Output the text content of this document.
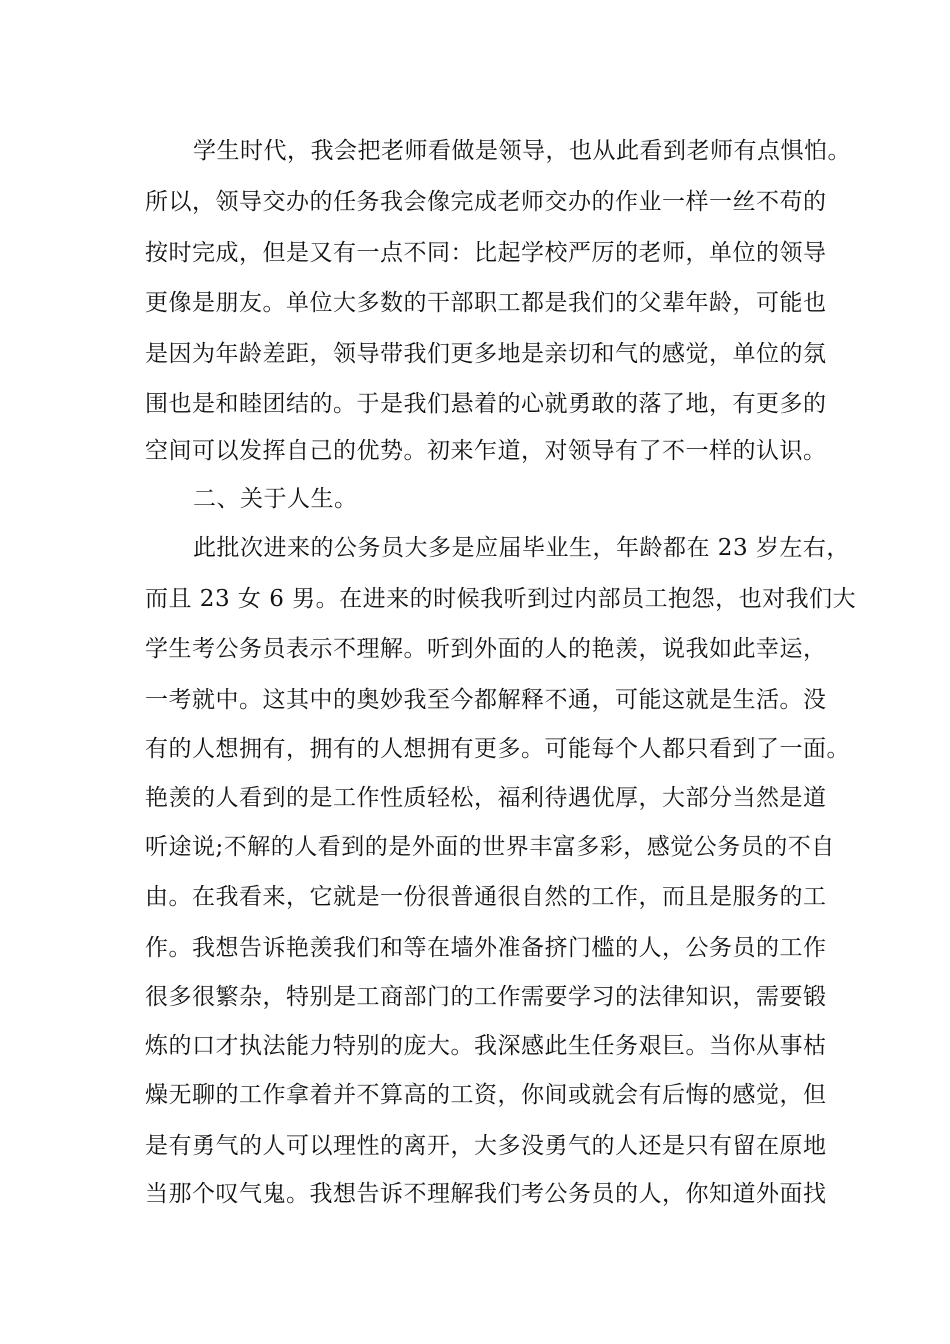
学生时代，我会把老师看做是领导，也从此看到老师有点惧怕。
所以，领导交办的任务我会像完成老师交办的作业一样一丝不苟的
按时完成，但是又有一点不同：比起学校严厉的老师，单位的领导
更像是朋友。单位大多数的干部职工都是我们的父辈年龄，可能也
是因为年龄差距，领导带我们更多地是亲切和气的感觉，单位的氛
围也是和睦团结的。于是我们悬着的心就勇敢的落了地，有更多的
空间可以发挥自己的优势。初来乍道，对领导有了不一样的认识。
二、关于人生。
此批次进来的公务员大多是应届毕业生，年龄都在 23 岁左右，
而且 23 女 6 男。在进来的时候我听到过内部员工抱怨，也对我们大
学生考公务员表示不理解。听到外面的人的艳羡，说我如此幸运，
一考就中。这其中的奥妙我至今都解释不通，可能这就是生活。没
有的人想拥有，拥有的人想拥有更多。可能每个人都只看到了一面。
艳羡的人看到的是工作性质轻松，福利待遇优厚，大部分当然是道
听途说;不解的人看到的是外面的世界丰富多彩，感觉公务员的不自
由。在我看来，它就是一份很普通很自然的工作，而且是服务的工
作。我想告诉艳羡我们和等在墙外准备挤门槛的人，公务员的工作
很多很繁杂，特别是工商部门的工作需要学习的法律知识，需要锻
炼的口才执法能力特别的庞大。我深感此生任务艰巨。当你从事枯
燥无聊的工作拿着并不算高的工资，你间或就会有后悔的感觉，但
是有勇气的人可以理性的离开，大多没勇气的人还是只有留在原地
当那个叹气鬼。我想告诉不理解我们考公务员的人，你知道外面找
